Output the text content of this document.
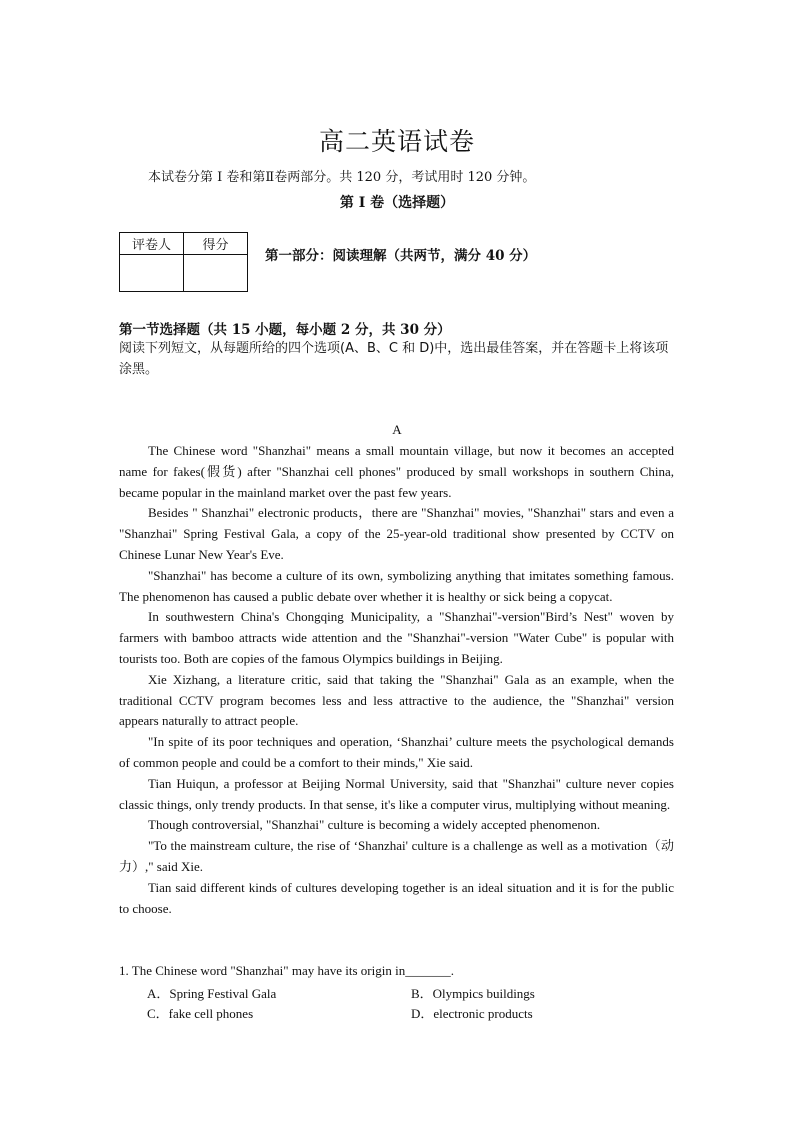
高二英语试卷
本试卷分第 I 卷和第Ⅱ卷两部分。共 120 分，考试用时 120 分钟。
第 I 卷（选择题）
评卷人	得分

第一部分：阅读理解（共两节，满分 40 分）
第一节选择题（共 15 小题，每小题 2 分，共 30 分）
阅读下列短文，从每题所给的四个选项(A、B、C 和 D)中，选出最佳答案，并在答题卡上将该项涂黑。
A

The Chinese word "Shanzhai" means a small mountain village, but now it becomes an accepted name for fakes(假货) after "Shanzhai cell phones" produced by small workshops in southern China, became popular in the mainland market over the past few years.

Besides " Shanzhai" electronic products，there are "Shanzhai" movies, "Shanzhai" stars and even a "Shanzhai" Spring Festival Gala, a copy of the 25-year-old traditional show presented by CCTV on Chinese Lunar New Year's Eve.

"Shanzhai" has become a culture of its own, symbolizing anything that imitates something famous. The phenomenon has caused a public debate over whether it is healthy or sick being a copycat.

In southwestern China's Chongqing Municipality, a "Shanzhai"-version"Bird’s Nest" woven by farmers with bamboo attracts wide attention and the "Shanzhai"-version "Water Cube" is popular with tourists too. Both are copies of the famous Olympics buildings in Beijing.

Xie Xizhang, a literature critic, said that taking the "Shanzhai" Gala as an example, when the traditional CCTV program becomes less and less attractive to the audience, the "Shanzhai" version appears naturally to attract people.

"In spite of its poor techniques and operation, ‘Shanzhai’ culture meets the psychological demands of common people and could be a comfort to their minds," Xie said.

Tian Huiqun, a professor at Beijing Normal University, said that "Shanzhai" culture never copies classic things, only trendy products. In that sense, it's like a computer virus, multiplying without meaning.

Though controversial, "Shanzhai" culture is becoming a widely accepted phenomenon.

"To the mainstream culture, the rise of ‘Shanzhai' culture is a challenge as well as a motivation（动力）," said Xie.

Tian said different kinds of cultures developing together is an ideal situation and it is for the public to choose.

1. The Chinese word "Shanzhai" may have its origin in_______.
A．Spring Festival Gala	B．Olympics buildings
C．fake cell phones	D．electronic products
